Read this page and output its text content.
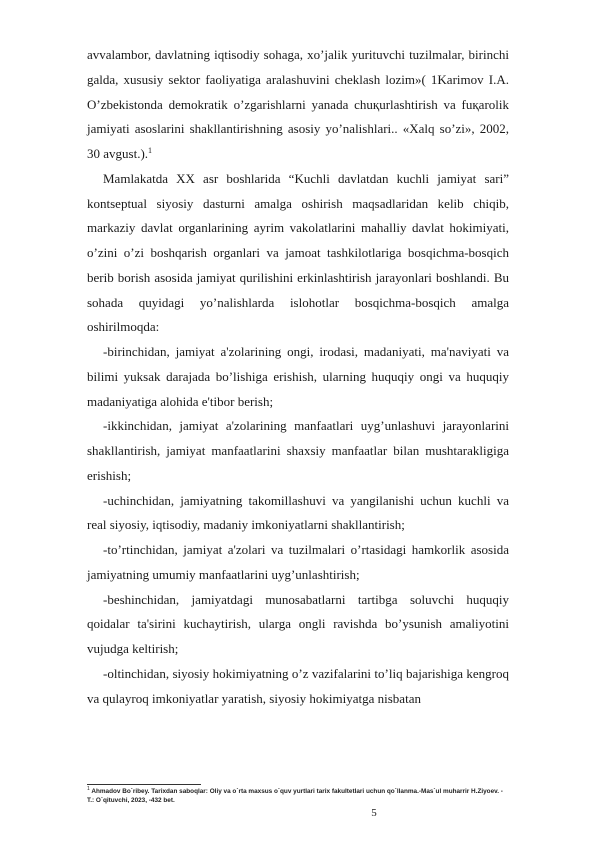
avvalambor, davlatning iqtisodiy sohaga, xo’jalik yurituvchi tuzilmalar, birinchi galda, xususiy sektor faoliyatiga aralashuvini cheklash lozim»( 1Karimov I.A. O’zbekistonda demokratik o’zgarishlarni yanada chuқurlashtirish va fuқarolik jamiyati asoslarini shakllantirishning asosiy yo’nalishlari.. «Xalq so’zi», 2002, 30 avgust.).$^1$

Mamlakatda XX asr boshlarida “Kuchli davlatdan kuchli jamiyat sari” kontseptual siyosiy dasturni amalga oshirish maqsadlaridan kelib chiqib, markaziy davlat organlarining ayrim vakolatlarini mahalliy davlat hokimiyati, o’zini o’zi boshqarish organlari va jamoat tashkilotlariga bosqichma-bosqich berib borish asosida jamiyat qurilishini erkinlashtirish jarayonlari boshlandi. Bu sohada quyidagi yo’nalishlarda islohotlar bosqichma-bosqich amalga oshirilmoqda:

-birinchidan, jamiyat a'zolarining ongi, irodasi, madaniyati, ma'naviyati va bilimi yuksak darajada bo’lishiga erishish, ularning huquqiy ongi va huquqiy madaniyatiga alohida e'tibor berish;

-ikkinchidan, jamiyat a'zolarining manfaatlari uyg’unlashuvi jarayonlarini shakllantirish, jamiyat manfaatlarini shaxsiy manfaatlar bilan mushtarakligiga erishish;

-uchinchidan, jamiyatning takomillashuvi va yangilanishi uchun kuchli va real siyosiy, iqtisodiy, madaniy imkoniyatlarni shakllantirish;

-to’rtinchidan, jamiyat a'zolari va tuzilmalari o’rtasidagi hamkorlik asosida jamiyatning umumiy manfaatlarini uyg’unlashtirish;

-beshinchidan, jamiyatdagi munosabatlarni tartibga soluvchi huquqiy qoidalar ta'sirini kuchaytirish, ularga ongli ravishda bo’ysunish amaliyotini vujudga keltirish;

-oltinchidan, siyosiy hokimiyatning o’z vazifalarini to’liq bajarishiga kengroq va qulayroq imkoniyatlar yaratish, siyosiy hokimiyatga nisbatan

$^1$ Ahmadov Bo`ribey. Tarixdan saboqlar: Oliy va o`rta maxsus o`quv yurtlari tarix fakultetlari uchun qo`llanma.-Mas`ul muharrir H.Ziyoev. - T.: O`qituvchi, 2023, -432 bet.
5
